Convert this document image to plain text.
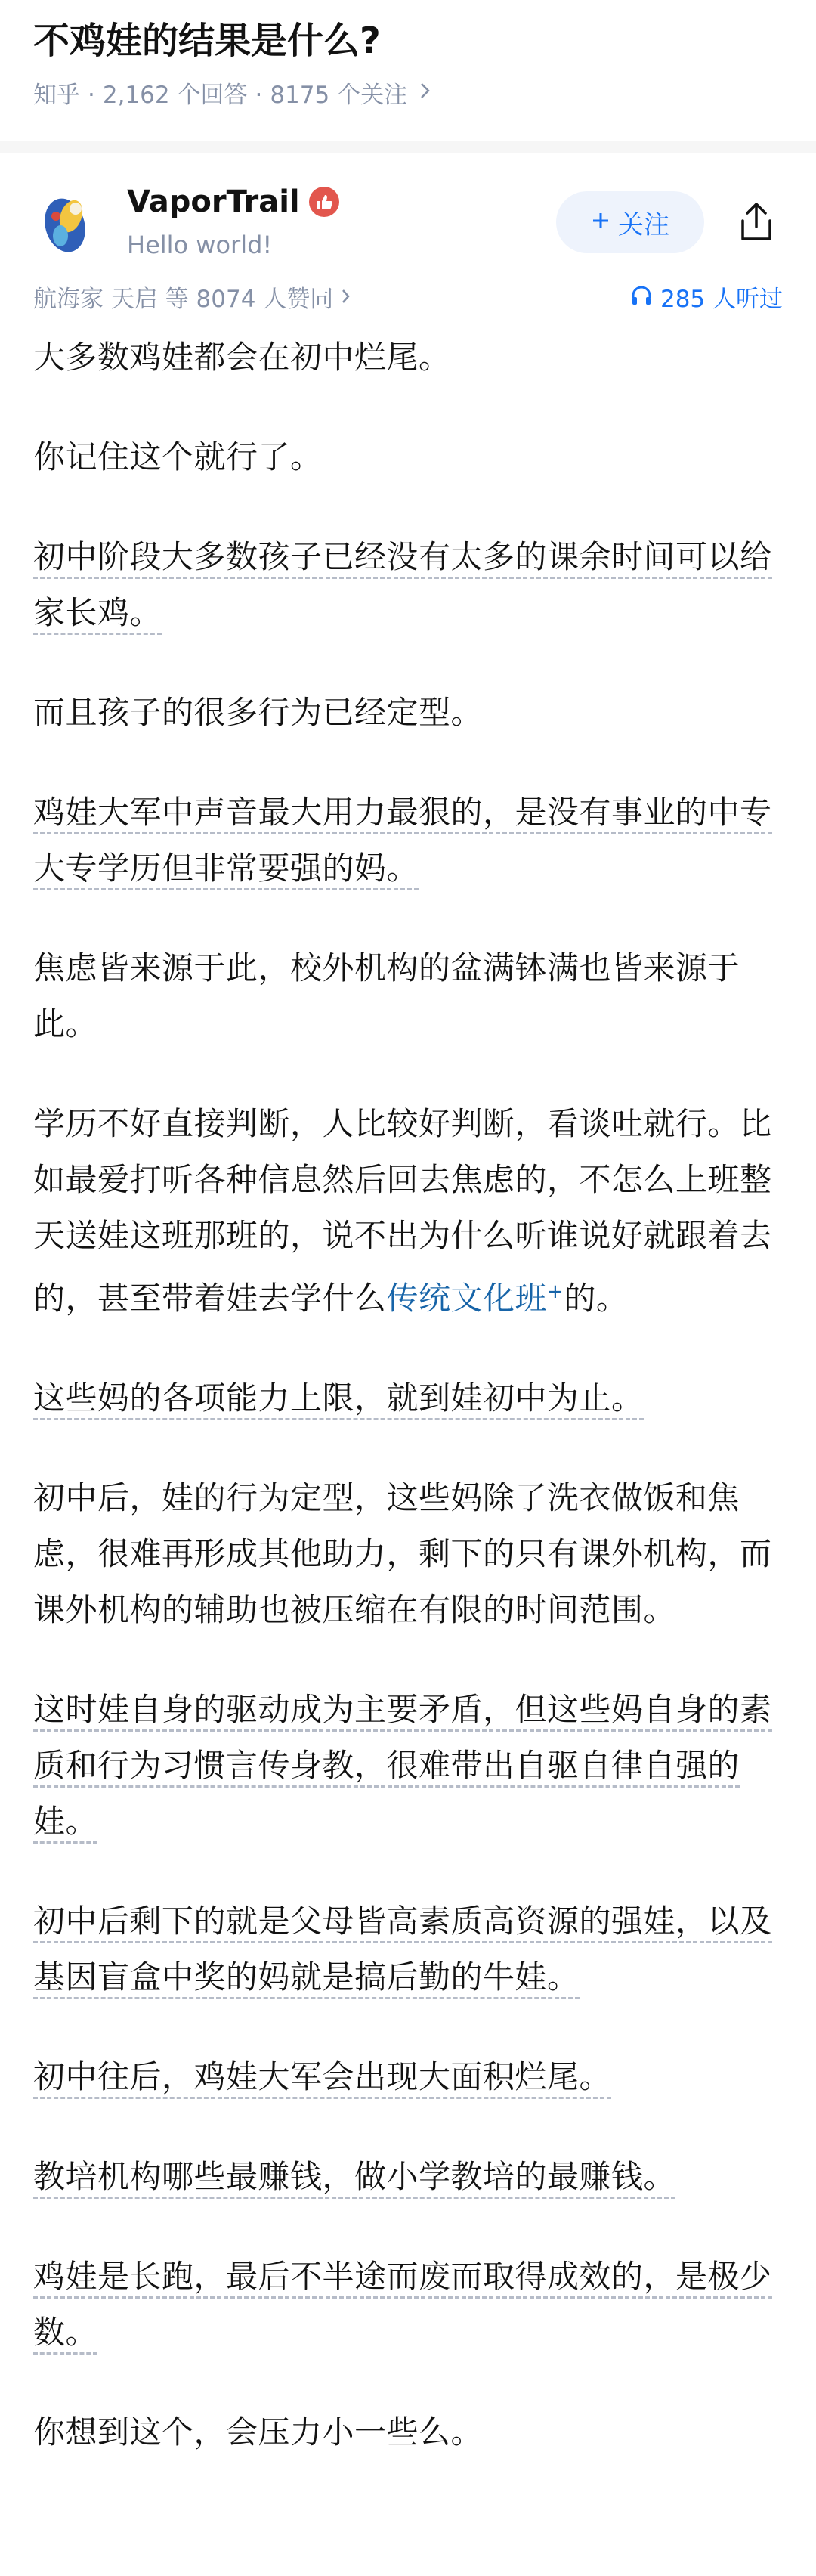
不鸡娃的结果是什么?
知乎 · 2,162 个回答 · 8175 个关注
VaporTrail
Hello world!
关注
航海家 天启 等 8074 人赞同	285 人听过

大多数鸡娃都会在初中烂尾。

你记住这个就行了。

初中阶段大多数孩子已经没有太多的课余时间可以给家长鸡。

而且孩子的很多行为已经定型。

鸡娃大军中声音最大用力最狠的，是没有事业的中专大专学历但非常要强的妈。

焦虑皆来源于此，校外机构的盆满钵满也皆来源于此。

学历不好直接判断，人比较好判断，看谈吐就行。比如最爱打听各种信息然后回去焦虑的，不怎么上班整天送娃这班那班的，说不出为什么听谁说好就跟着去的，甚至带着娃去学什么传统文化班+的。

这些妈的各项能力上限，就到娃初中为止。

初中后，娃的行为定型，这些妈除了洗衣做饭和焦虑，很难再形成其他助力，剩下的只有课外机构，而课外机构的辅助也被压缩在有限的时间范围。

这时娃自身的驱动成为主要矛盾，但这些妈自身的素质和行为习惯言传身教，很难带出自驱自律自强的娃。

初中后剩下的就是父母皆高素质高资源的强娃，以及基因盲盒中奖的妈就是搞后勤的牛娃。

初中往后，鸡娃大军会出现大面积烂尾。

教培机构哪些最赚钱，做小学教培的最赚钱。

鸡娃是长跑，最后不半途而废而取得成效的，是极少数。

你想到这个，会压力小一些么。
